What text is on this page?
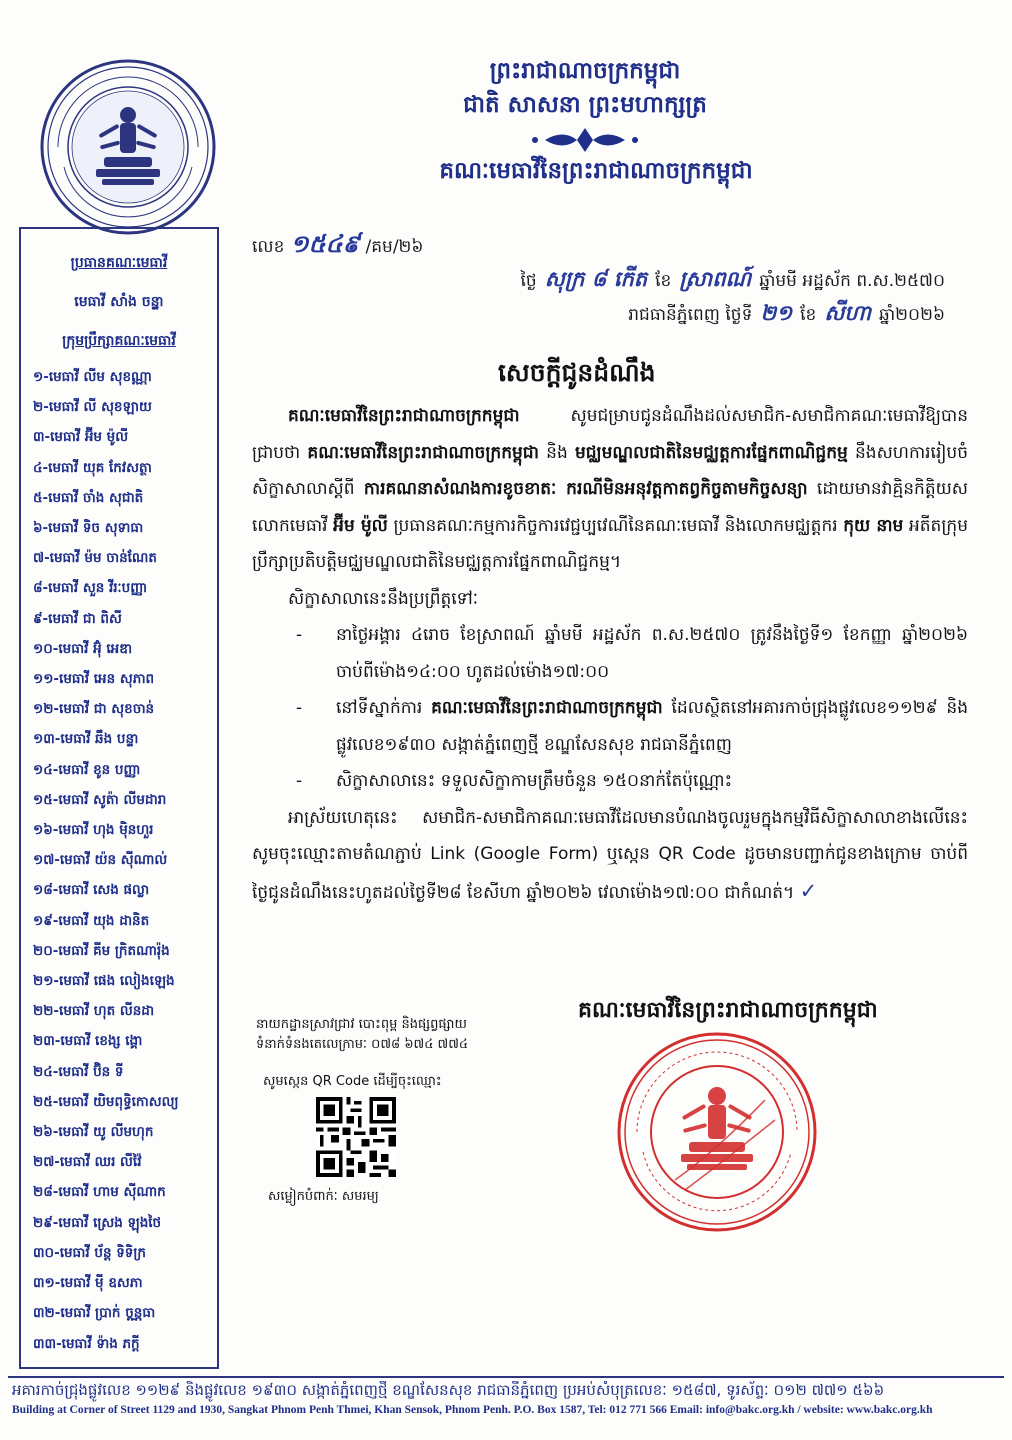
ព្រះរាជាណាចក្រកម្ពុជា
ជាតិ សាសនា ព្រះមហាក្សត្រ
គណៈមេធាវីនៃព្រះរាជាណាចក្រកម្ពុជា
ប្រធានគណៈមេធាវី
មេធាវី សាំង ចន្ធ្នា
ក្រុមប្រឹក្សាគណៈមេធាវី
១-មេធាវី លីម សុខណ្ណា
២-មេធាវី លី សុខឡាយ
៣-មេធាវី អ៊ីម ម៉ូលី
៤-មេធាវី យុគ កែវសត្ថា
៥-មេធាវី ចាំង សុជាតិ
៦-មេធាវី ទិច សុទាធា
៧-មេធាវី ម៉ម ចាន់ណែត
៨-មេធាវី សួន វីរៈបញ្ញា
៩-មេធាវី ជា ពិសី
១០-មេធាវី អ៊ុំ អេឌា
១១-មេធាវី អេន សុភាព
១២-មេធាវី ជា សុខចាន់
១៣-មេធាវី ឆឹង បន្ទា
១៤-មេធាវី ខូន បញ្ញា
១៥-មេធាវី សូត៉ា លីមដារា
១៦-មេធាវី ហុង ម៉ិនហួរ
១៧-មេធាវី យ៉ន ស៊ីណាល់
១៨-មេធាវី សេង ផល្លា
១៩-មេធាវី យុង ដានិត
២០-មេធាវី គីម ក្រិតណារ៉ុង
២១-មេធាវី ផេង លៀងឡេង
២២-មេធាវី ហុត លីនដា
២៣-មេធាវី ខេង្ស ង្គោ
២៤-មេធាវី ប៊ិន ទី
២៥-មេធាវី យិមពុទ្ធិកោសល្យ
២៦-មេធាវី យូ លីមហុក
២៧-មេធាវី ឈរ លីវ៉ៃ
២៨-មេធាវី ហាម ស៊ីណាក
២៩-មេធាវី ស្រេង ឡុងថៃ
៣០-មេធាវី ប័ន្ត ទិទិក្រ
៣១-មេធាវី ម៉ី ឧសភា
៣២-មេធាវី ប្រាក់ ចន្ណ្ណធា
៣៣-មេធាវី ទ៉ាង ភក្តី
លេខ ១៥៤៩ /គម/២៦
ថ្ងៃ សុក្រ ៨ កើត ខែ ស្រាពណ៍ ឆ្នាំមមី អដ្ឋស័ក ព.ស.២៥៧០
រាជធានីភ្នំពេញ ថ្ងៃទី ២១ ខែ សីហា ឆ្នាំ២០២៦
សេចក្តីជូនដំណឹង

គណៈមេធាវីនៃព្រះរាជាណាចក្រកម្ពុជា សូមជម្រាបជូនដំណឹងដល់សមាជិក-សមាជិកាគណៈមេធាវីឱ្យបានជ្រាបថា គណៈមេធាវីនៃព្រះរាជាណាចក្រកម្ពុជា និង មជ្ឈមណ្ឌលជាតិនៃមជ្ឈត្តការផ្នែកពាណិជ្ជកម្ម នឹងសហការរៀបចំសិក្ខាសាលាស្តីពី ការគណនាសំណងការខូចខាតៈ ករណីមិនអនុវត្តកាតព្វកិច្ចតាមកិច្ចសន្យា ដោយមានវាគ្មិនកិត្តិយសលោកមេធាវី អ៊ីម ម៉ូលី ប្រធានគណៈកម្មការកិច្ចការវេជ្ជប្បវេណីនៃគណៈមេធាវី និងលោកមជ្ឈត្តករ កុយ នាម អតីតក្រុមប្រឹក្សាប្រតិបត្តិមជ្ឈមណ្ឌលជាតិនៃមជ្ឈត្តការផ្នែកពាណិជ្ជកម្ម។

សិក្ខាសាលានេះនឹងប្រព្រឹត្តទៅៈ

- នាថ្ងៃអង្គារ ៤រោច ខែស្រាពណ៍ ឆ្នាំមមី អដ្ឋស័ក ព.ស.២៥៧០ ត្រូវនឹងថ្ងៃទី១ ខែកញ្ញា ឆ្នាំ២០២៦ ចាប់ពីម៉ោង១៤:០០ ហូតដល់ម៉ោង១៧:០០
- នៅទីស្នាក់ការ គណៈមេធាវីនៃព្រះរាជាណាចក្រកម្ពុជា ដែលស្ថិតនៅអគារកាច់ជ្រុងផ្លូវលេខ១១២៩ និងផ្លូវលេខ១៩៣០ សង្កាត់ភ្នំពេញថ្មី ខណ្ឌសែនសុខ រាជធានីភ្នំពេញ
- សិក្ខាសាលានេះ ទទួលសិក្ខាកាមត្រឹមចំនួន ១៥០នាក់តែប៉ុណ្ណោះ

អាស្រ័យហេតុនេះ សមាជិក-សមាជិកាគណៈមេធាវីដែលមានបំណងចូលរួមក្នុងកម្មវិធីសិក្ខាសាលាខាងលើនេះ សូមចុះឈ្មោះតាមតំណភ្ជាប់ Link (Google Form) ឬស្កេន QR Code ដូចមានបញ្ជាក់ជូនខាងក្រោម ចាប់ពីថ្ងៃជូនដំណឹងនេះហូតដល់ថ្ងៃទី២៨ ខែសីហា ឆ្នាំ២០២៦ វេលាម៉ោង១៧:០០ ជាកំណត់។ ✓

នាយកដ្ឋានស្រាវជ្រាវ បោះពុម្ព និងផ្សព្វផ្សាយ
ទំនាក់ទំនងតេលេក្រាមៈ ០៧៨ ៦៧៤ ៧៧៤
សូមស្កេន QR Code ដើម្បីចុះឈ្មោះ
សម្លៀកបំពាក់ៈ សមរម្យ
គណៈមេធាវីនៃព្រះរាជាណាចក្រកម្ពុជា
អគារកាច់ជ្រុងផ្លូវលេខ ១១២៩ និងផ្លូវលេខ ១៩៣០ សង្កាត់ភ្នំពេញថ្មី ខណ្ឌសែនសុខ រាជធានីភ្នំពេញ ប្រអប់សំបុត្រលេខៈ ១៥៨៧, ទូរស័ព្ទៈ ០១២ ៧៧១ ៥៦៦
Building at Corner of Street 1129 and 1930, Sangkat Phnom Penh Thmei, Khan Sensok, Phnom Penh. P.O. Box 1587, Tel: 012 771 566 Email: info@bakc.org.kh / website: www.bakc.org.kh
